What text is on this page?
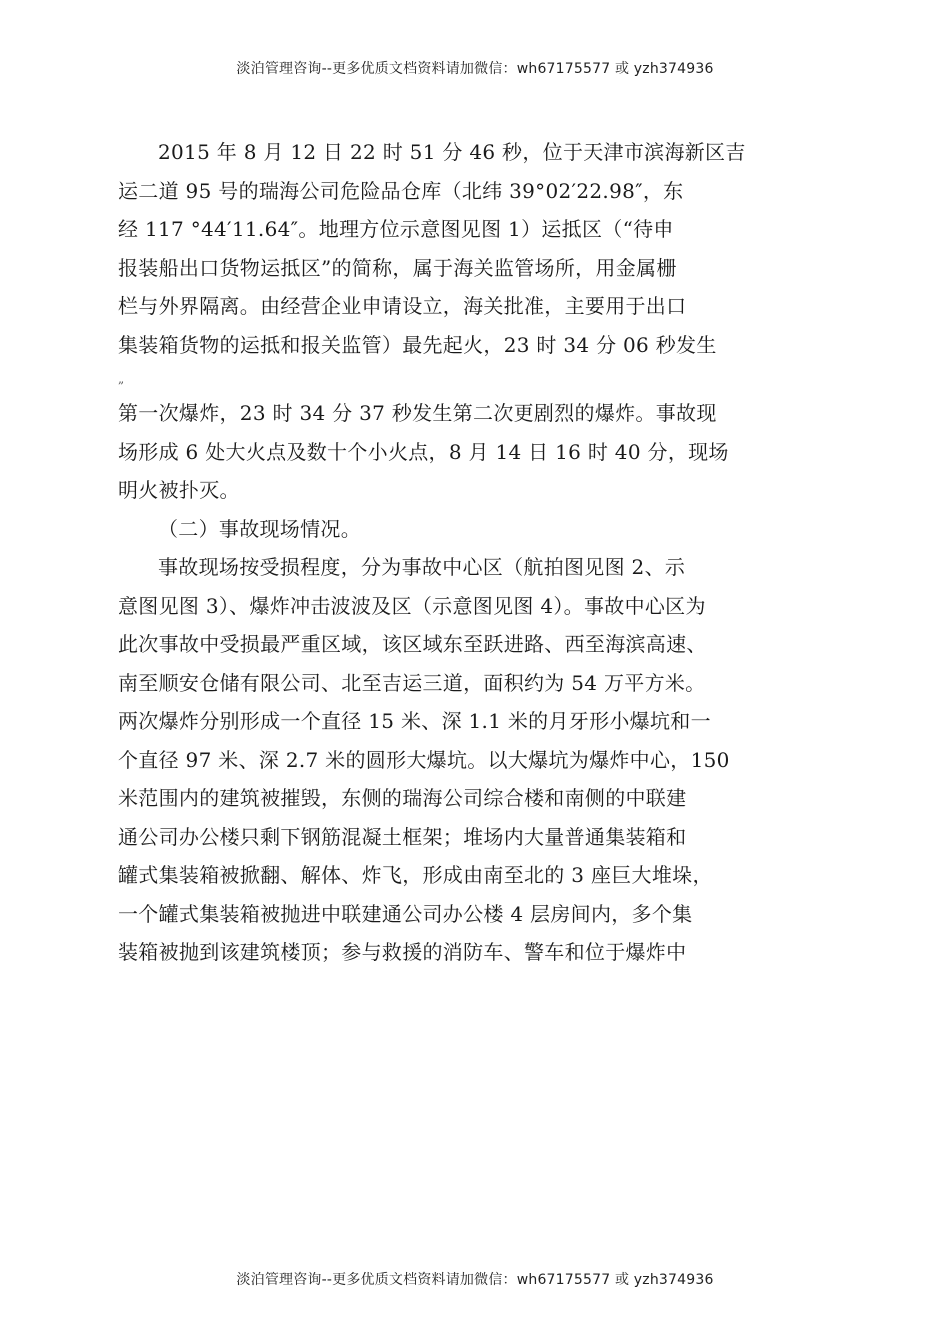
淡泊管理咨询--更多优质文档资料请加微信：wh67175577 或 yzh374936
2015 年 8 月 12 日 22 时 51 分 46 秒，位于天津市滨海新区吉
运二道 95 号的瑞海公司危险品仓库（北纬 39°02′22.98″，东
经 117 °44′11.64″。地理方位示意图见图 1）运抵区（“待申
报装船出口货物运抵区”的简称，属于海关监管场所，用金属栅
栏与外界隔离。由经营企业申请设立，海关批准，主要用于出口
集装箱货物的运抵和报关监管）最先起火，23 时 34 分 06 秒发生
„
第一次爆炸，23 时 34 分 37 秒发生第二次更剧烈的爆炸。事故现
场形成 6 处大火点及数十个小火点，8 月 14 日 16 时 40 分，现场
明火被扑灭。
（二）事故现场情况。
事故现场按受损程度，分为事故中心区（航拍图见图 2、示
意图见图 3）、爆炸冲击波波及区（示意图见图 4）。事故中心区为
此次事故中受损最严重区域，该区域东至跃进路、西至海滨高速、
南至顺安仓储有限公司、北至吉运三道，面积约为 54 万平方米。
两次爆炸分别形成一个直径 15 米、深 1.1 米的月牙形小爆坑和一
个直径 97 米、深 2.7 米的圆形大爆坑。以大爆坑为爆炸中心，150
米范围内的建筑被摧毁，东侧的瑞海公司综合楼和南侧的中联建
通公司办公楼只剩下钢筋混凝土框架；堆场内大量普通集装箱和
罐式集装箱被掀翻、解体、炸飞，形成由南至北的 3 座巨大堆垛，
一个罐式集装箱被抛进中联建通公司办公楼 4 层房间内，多个集
装箱被抛到该建筑楼顶；参与救援的消防车、警车和位于爆炸中
淡泊管理咨询--更多优质文档资料请加微信：wh67175577 或 yzh374936
